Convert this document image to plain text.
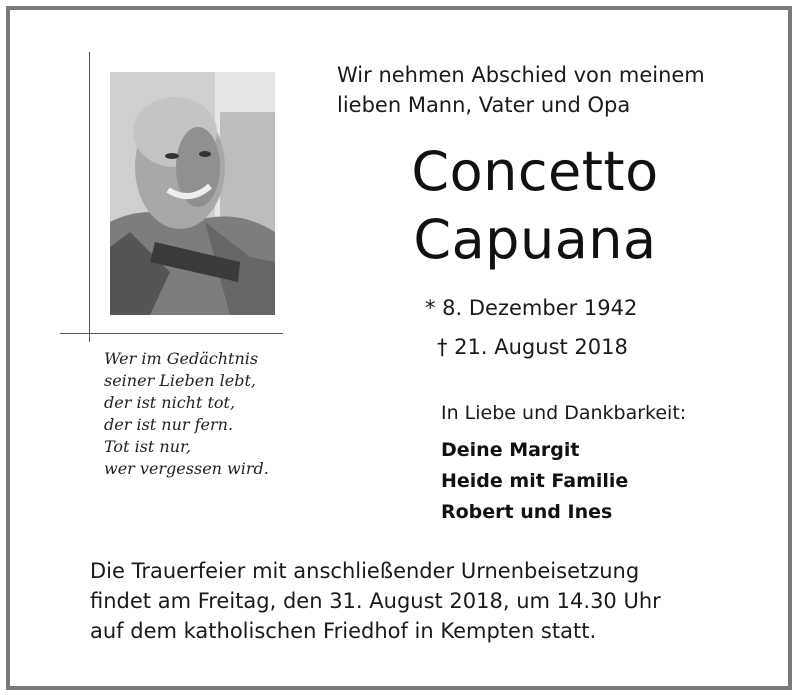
Wir nehmen Abschied von meinem
lieben Mann, Vater und Opa
Concetto
Capuana
* 8. Dezember 1942
† 21. August 2018
Wer im Gedächtnis
seiner Lieben lebt,
der ist nicht tot,
der ist nur fern.
Tot ist nur,
wer vergessen wird.
In Liebe und Dankbarkeit:
Deine Margit
Heide mit Familie
Robert und Ines
Die Trauerfeier mit anschließender Urnenbeisetzung
findet am Freitag, den 31. August 2018, um 14.30 Uhr
auf dem katholischen Friedhof in Kempten statt.
